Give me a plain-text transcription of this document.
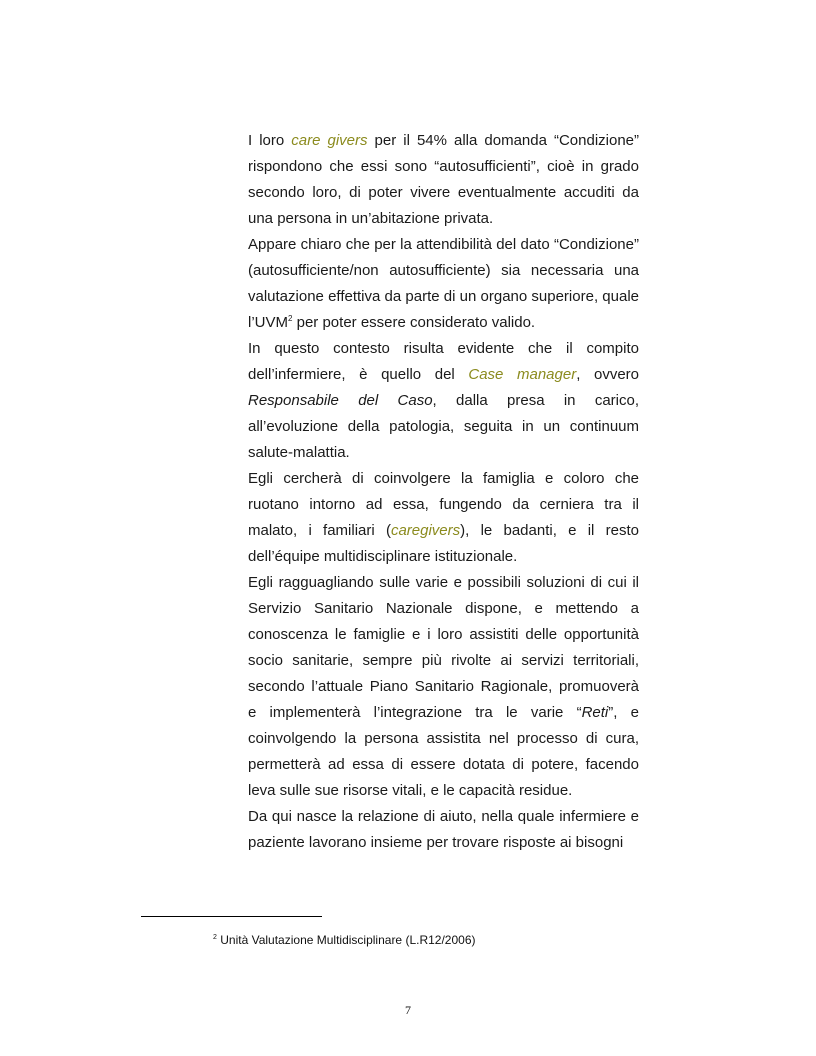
I loro care givers per il 54% alla domanda “Condizione” rispondono che essi sono “autosufficienti”, cioè in grado secondo loro, di poter vivere eventualmente accuditi da una persona in un’abitazione privata.

Appare chiaro che per la attendibilità del dato “Condizione” (autosufficiente/non autosufficiente) sia necessaria una valutazione effettiva da parte di un organo superiore, quale l’UVM$^2$ per poter essere considerato valido.

In questo contesto risulta evidente che il compito dell’infermiere, è quello del Case manager, ovvero Responsabile del Caso, dalla presa in carico, all’evoluzione della patologia, seguita in un continuum salute-malattia.

Egli cercherà di coinvolgere la famiglia e coloro che ruotano intorno ad essa, fungendo da cerniera tra il malato, i familiari (caregivers), le badanti, e il resto dell’équipe multidisciplinare istituzionale.

Egli ragguagliando sulle varie e possibili soluzioni di cui il Servizio Sanitario Nazionale dispone, e mettendo a conoscenza le famiglie e i loro assistiti delle opportunità socio sanitarie, sempre più rivolte ai servizi territoriali, secondo l’attuale Piano Sanitario Ragionale, promuoverà e implementerà l’integrazione tra le varie “Reti”, e coinvolgendo la persona assistita nel processo di cura, permetterà ad essa di essere dotata di potere, facendo leva sulle sue risorse vitali, e le capacità residue.

Da qui nasce la relazione di aiuto, nella quale infermiere e paziente lavorano insieme per trovare risposte ai bisogni

$^2$ Unità Valutazione Multidisciplinare (L.R12/2006)
7
